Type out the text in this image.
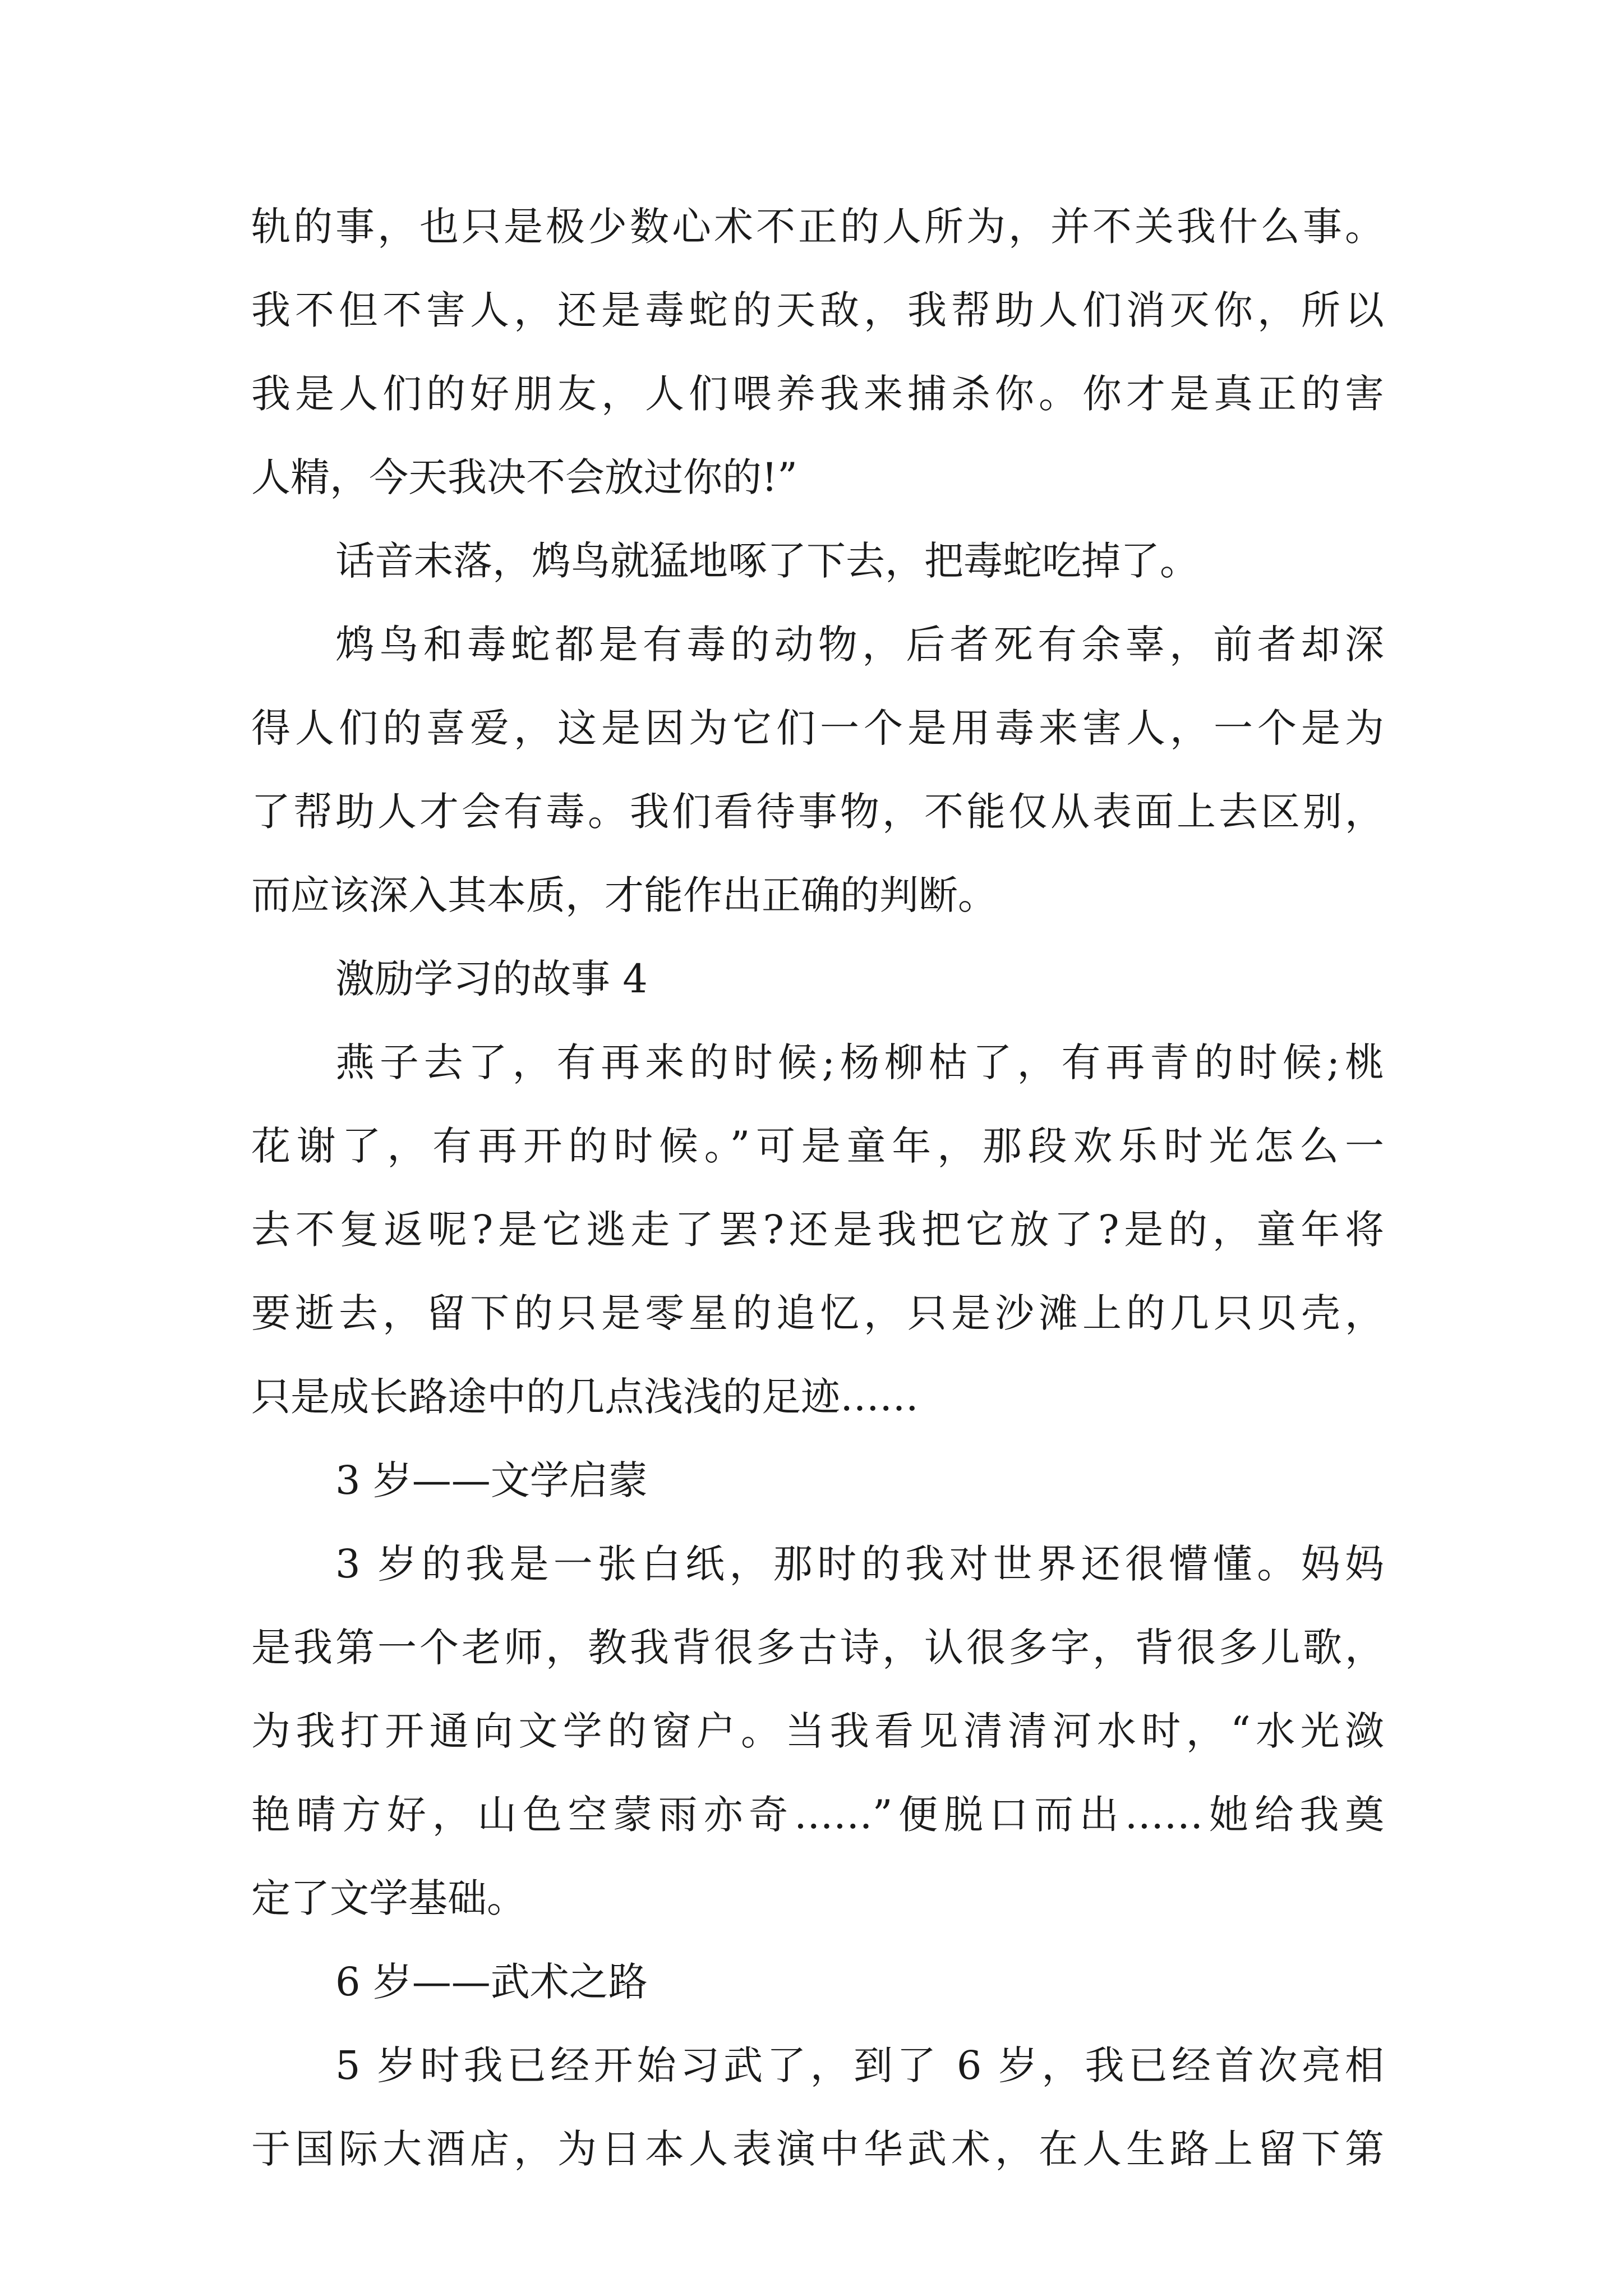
轨的事，也只是极少数心术不正的人所为，并不关我什么事。
我不但不害人，还是毒蛇的天敌，我帮助人们消灭你，所以
我是人们的好朋友，人们喂养我来捕杀你。你才是真正的害
人精，今天我决不会放过你的!”
话音未落，鸩鸟就猛地啄了下去，把毒蛇吃掉了。
鸩鸟和毒蛇都是有毒的动物，后者死有余辜，前者却深
得人们的喜爱，这是因为它们一个是用毒来害人，一个是为
了帮助人才会有毒。我们看待事物，不能仅从表面上去区别，
而应该深入其本质，才能作出正确的判断。
激励学习的故事 4
燕子去了，有再来的时候;杨柳枯了，有再青的时候;桃
花谢了，有再开的时候。”可是童年，那段欢乐时光怎么一
去不复返呢?是它逃走了罢?还是我把它放了?是的，童年将
要逝去，留下的只是零星的追忆，只是沙滩上的几只贝壳，
只是成长路途中的几点浅浅的足迹……
3 岁——文学启蒙
3 岁的我是一张白纸，那时的我对世界还很懵懂。妈妈
是我第一个老师，教我背很多古诗，认很多字，背很多儿歌，
为我打开通向文学的窗户。当我看见清清河水时，“水光潋
艳晴方好，山色空蒙雨亦奇……”便脱口而出……她给我奠
定了文学基础。
6 岁——武术之路
5 岁时我已经开始习武了，到了 6 岁，我已经首次亮相
于国际大酒店，为日本人表演中华武术，在人生路上留下第
